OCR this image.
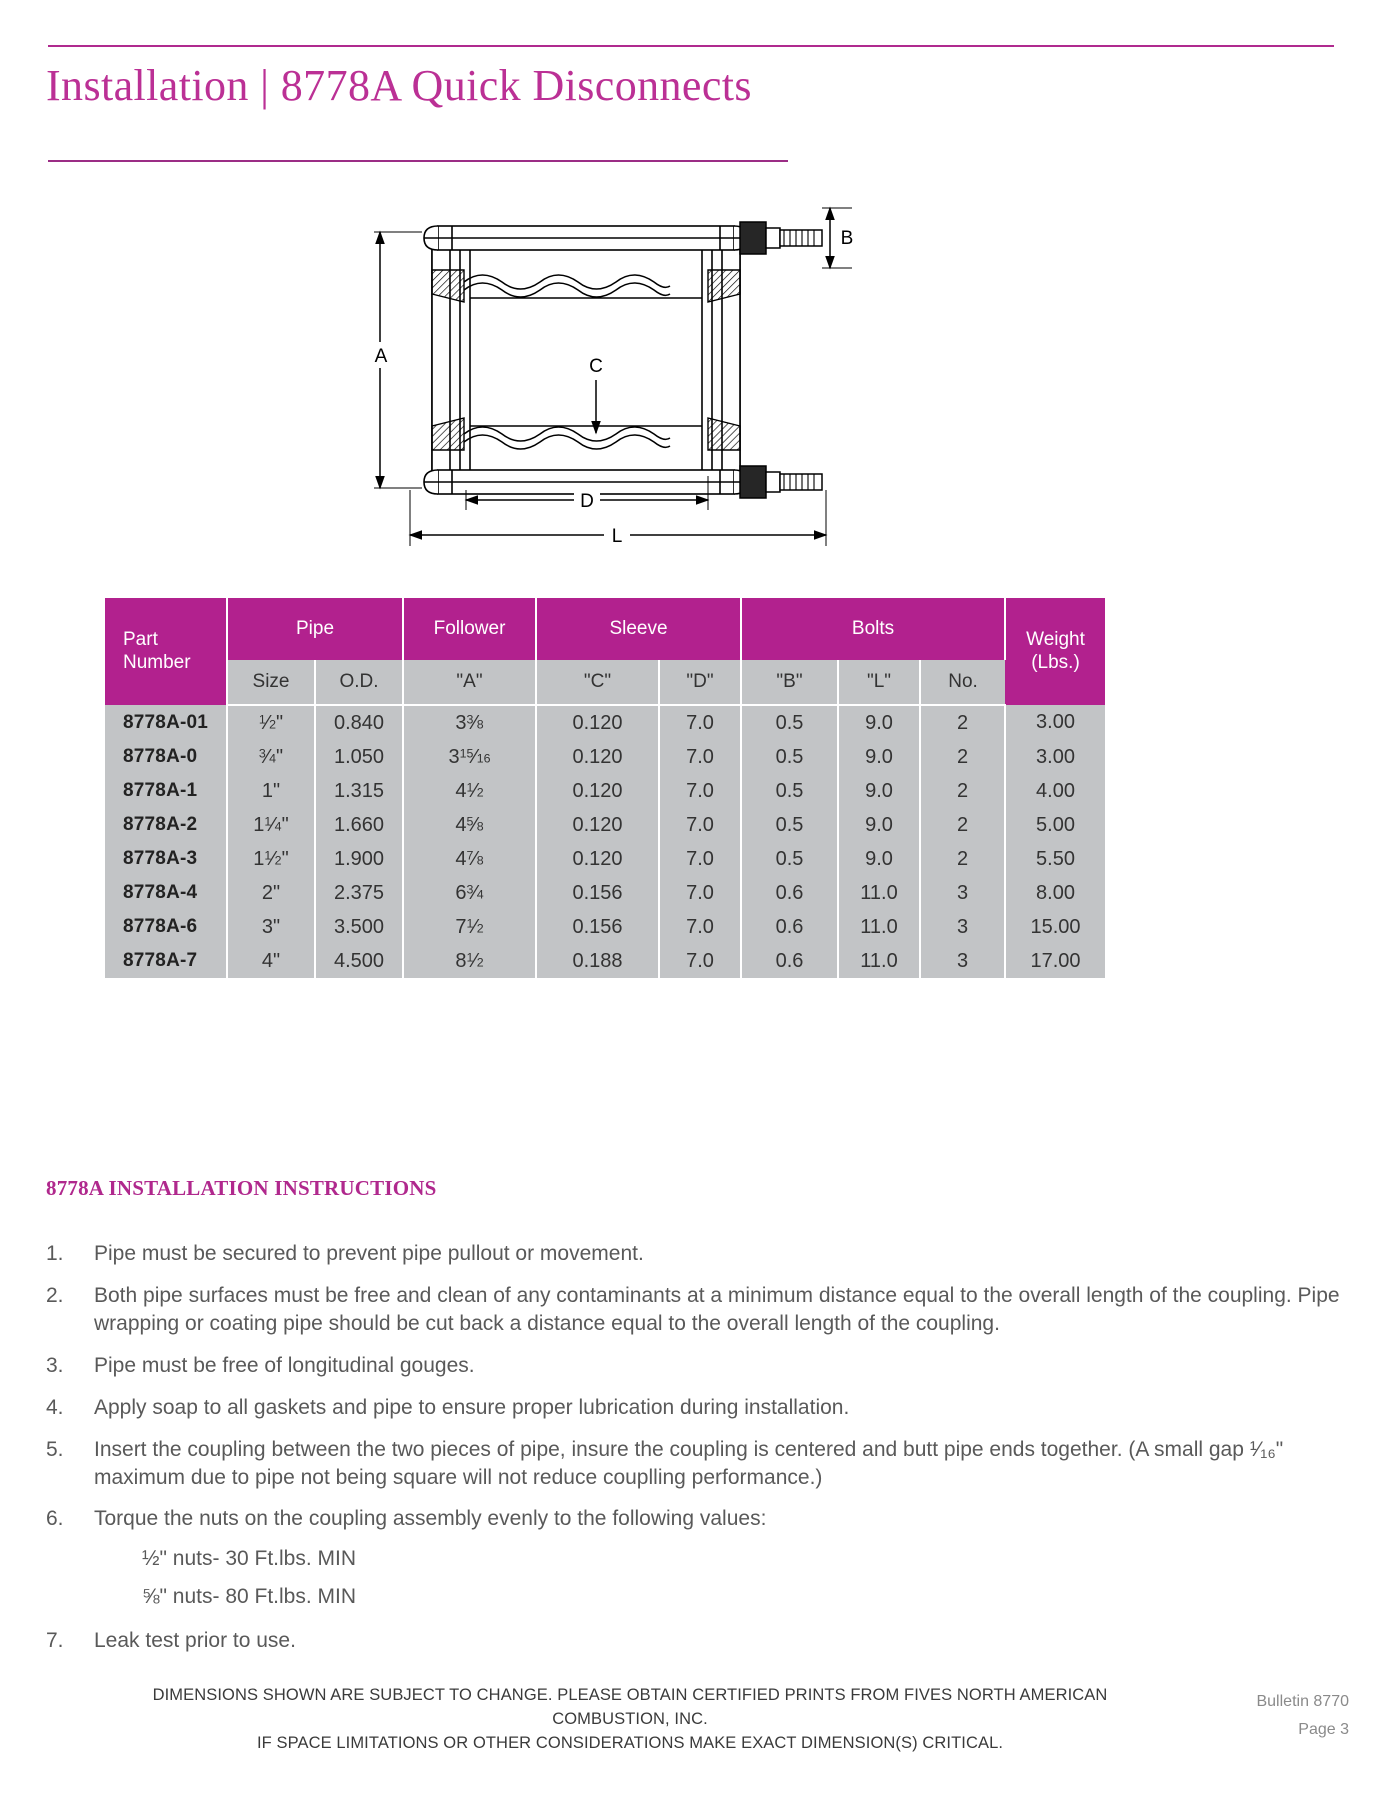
Installation | 8778A Quick Disconnects
A
B
C
D
L
Part
Number	Pipe		Follower	Sleeve		Bolts			Weight
(Lbs.)
	Size	O.D.	"A"	"C"	"D"	"B"	"L"	No.	
8778A-01	$^1⁄_2$"	0.840	$3^3⁄_8$	0.120	7.0	0.5	9.0	2	3.00
8778A-0	$^3⁄_4$"	1.050	$3^{15}⁄_{16}$	0.120	7.0	0.5	9.0	2	3.00
8778A-1	1"	1.315	$4^1⁄_2$	0.120	7.0	0.5	9.0	2	4.00
8778A-2	$1^1⁄_4$"	1.660	$4^5⁄_8$	0.120	7.0	0.5	9.0	2	5.00
8778A-3	$1^1⁄_2$"	1.900	$4^7⁄_8$	0.120	7.0	0.5	9.0	2	5.50
8778A-4	2"	2.375	$6^3⁄_4$	0.156	7.0	0.6	11.0	3	8.00
8778A-6	3"	3.500	$7^1⁄_2$	0.156	7.0	0.6	11.0	3	15.00
8778A-7	4"	4.500	$8^1⁄_2$	0.188	7.0	0.6	11.0	3	17.00
8778A INSTALLATION INSTRUCTIONS
1.	Pipe must be secured to prevent pipe pullout or movement.
2.	Both pipe surfaces must be free and clean of any contaminants at a minimum distance equal to the overall length of the coupling. Pipe wrapping or coating pipe should be cut back a distance equal to the overall length of the coupling.
3.	Pipe must be free of longitudinal gouges.
4.	Apply soap to all gaskets and pipe to ensure proper lubrication during installation.
5.	Insert the coupling between the two pieces of pipe, insure the coupling is centered and butt pipe ends together. (A small gap ¹⁄₁₆" maximum due to pipe not being square will not reduce couplling performance.)
6.	Torque the nuts on the coupling assembly evenly to the following values:
½" nuts- 30 Ft.lbs. MIN
⅝" nuts- 80 Ft.lbs. MIN
7.	Leak test prior to use.
DIMENSIONS SHOWN ARE SUBJECT TO CHANGE. PLEASE OBTAIN CERTIFIED PRINTS FROM FIVES NORTH AMERICAN COMBUSTION, INC.
IF SPACE LIMITATIONS OR OTHER CONSIDERATIONS MAKE EXACT DIMENSION(S) CRITICAL.
Bulletin 8770
Page 3
